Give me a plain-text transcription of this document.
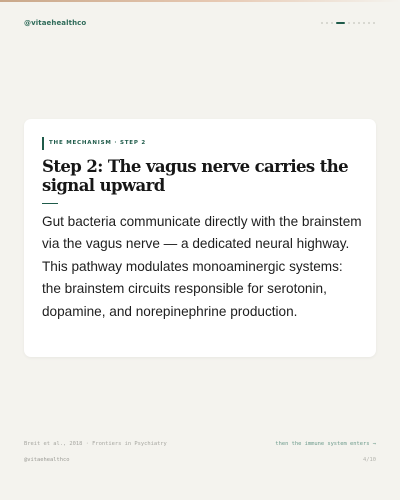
@vitaehealthco
THE MECHANISM · STEP 2
Step 2: The vagus nerve carries the signal upward
Gut bacteria communicate directly with the brainstem via the vagus nerve — a dedicated neural highway. This pathway modulates monoaminergic systems: the brainstem circuits responsible for serotonin, dopamine, and norepinephrine production.
Breit et al., 2018 · Frontiers in Psychiatry	then the immune system enters →
@vitaehealthco	4/10
